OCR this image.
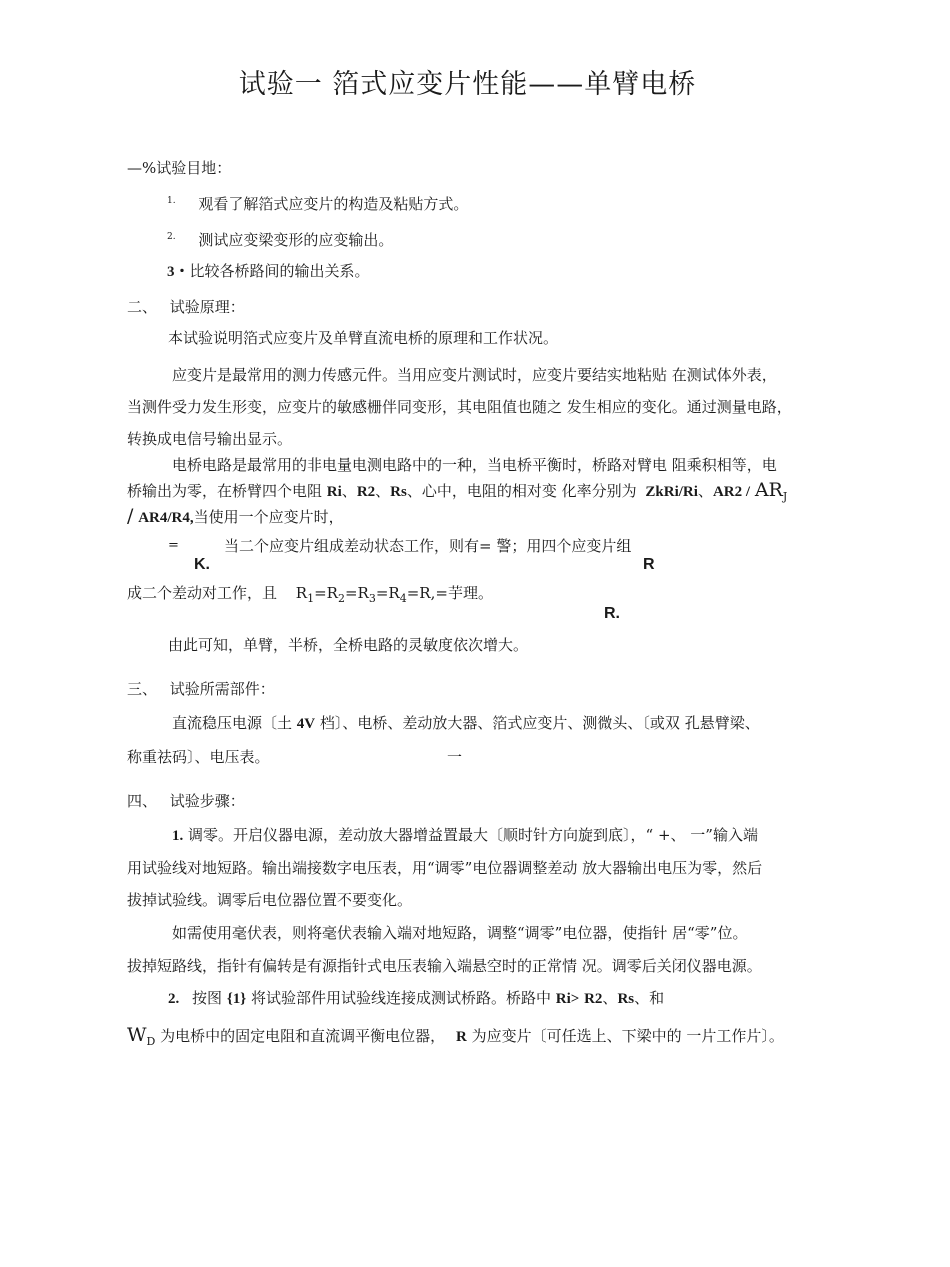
试验一 箔式应变片性能——单臂电桥
—%试验目地：
$^{1.}$ 观看了解箔式应变片的构造及粘贴方式。
$^{2.}$ 测试应变梁变形的应变输出。
3・比较各桥路间的输出关系。
二、 试验原理：
本试验说明箔式应变片及单臂直流电桥的原理和工作状况。
应变片是最常用的测力传感元件。当用应变片测试时，应变片要结实地粘贴 在测试体外表，
当测件受力发生形变，应变片的敏感栅伴同变形，其电阻值也随之 发生相应的变化。通过测量电路，
转换成电信号输出显示。
电桥电路是最常用的非电量电测电路中的一种，当电桥平衡时，桥路对臂电 阻乘积相等，电
桥输出为零，在桥臂四个电阻 Ri、R2、Rs、心中，电阻的相对变 化率分别为 ZkRi/Ri、$AR2 / AR_J$
/ AR4/R4,当使用一个应变片时，
=	当二个应变片组成差动状态工作，则有= 警；用四个应变片组
K.	R
成二个差动对工作，且 $R_1=R_2=R_3=R_4=R,=$芋理。
R.
由此可知，单臂，半桥，全桥电路的灵敏度依次增大。
三、 试验所需部件：
直流稳压电源〔土 4V 档〕、电桥、差动放大器、箔式应变片、测微头、〔或双 孔悬臂梁、
称重祛码〕、电压表。	一
四、 试验步骤：
1. 调零。开启仪器电源，差动放大器增益置最大〔顺时针方向旋到底〕，“ +、 一”输入端
用试验线对地短路。输出端接数字电压表，用“调零”电位器调整差动 放大器输出电压为零，然后
拔掉试验线。调零后电位器位置不要变化。
如需使用毫伏表，则将毫伏表输入端对地短路，调整“调零”电位器，使指针 居“零”位。
拔掉短路线，指针有偏转是有源指针式电压表输入端悬空时的正常情 况。调零后关闭仪器电源。
2. 按图 {1} 将试验部件用试验线连接成测试桥路。桥路中 Ri> R2、Rs、和
$W_D$ 为电桥中的固定电阻和直流调平衡电位器， R 为应变片〔可任选上、下梁中的 一片工作片〕。
